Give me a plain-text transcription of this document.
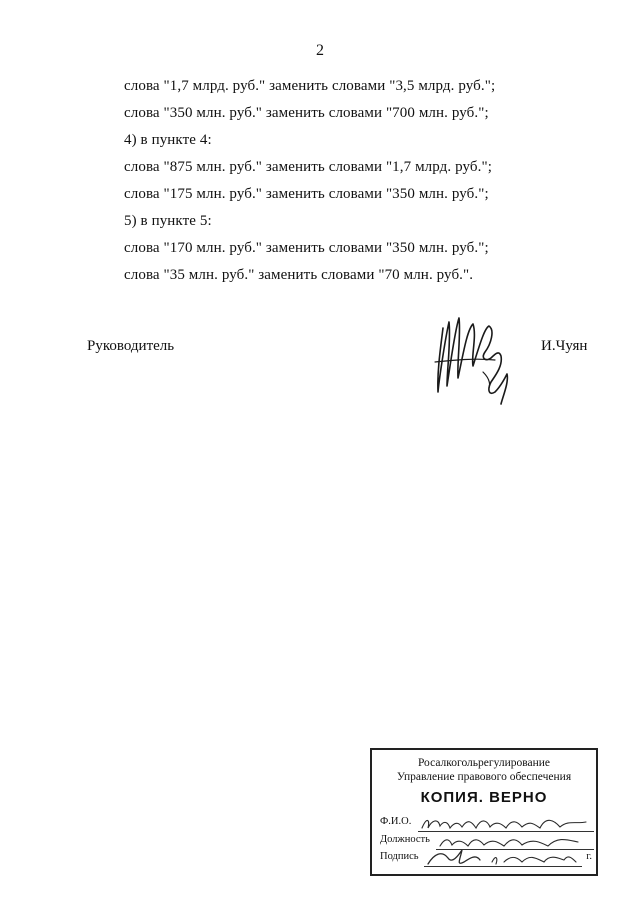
2
слова "1,7 млрд. руб." заменить словами "3,5 млрд. руб.";
слова "350 млн. руб." заменить словами "700 млн. руб.";
4) в пункте 4:
слова "875 млн. руб." заменить словами "1,7 млрд. руб.";
слова "175 млн. руб." заменить словами "350 млн. руб.";
5) в пункте 5:
слова "170 млн. руб." заменить словами "350 млн. руб.";
слова "35 млн. руб." заменить словами "70 млн. руб.".
Руководитель	И.Чуян
Росалкогольрегулирование
Управление правового обеспечения
КОПИЯ. ВЕРНО
Ф.И.О.
Должность
Подпись	г.
